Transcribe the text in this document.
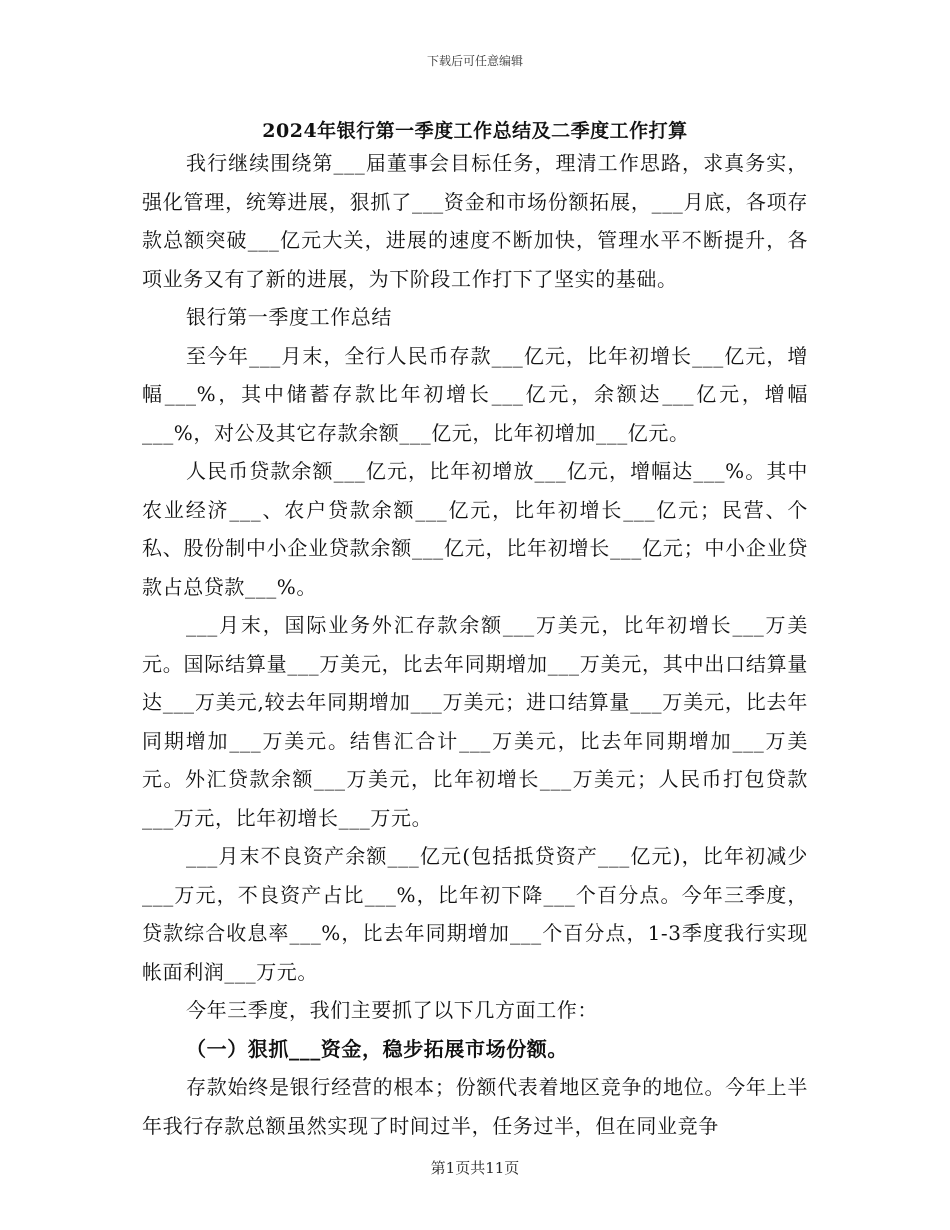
下载后可任意编辑
2024年银行第一季度工作总结及二季度工作打算

我行继续围绕第___届董事会目标任务，理清工作思路，求真务实，强化管理，统筹进展，狠抓了___资金和市场份额拓展，___月底，各项存款总额突破___亿元大关，进展的速度不断加快，管理水平不断提升，各项业务又有了新的进展，为下阶段工作打下了坚实的基础。

银行第一季度工作总结

至今年___月末，全行人民币存款___亿元，比年初增长___亿元，增幅___%，其中储蓄存款比年初增长___亿元，余额达___亿元，增幅___%，对公及其它存款余额___亿元，比年初增加___亿元。

人民币贷款余额___亿元，比年初增放___亿元，增幅达___%。其中农业经济___、农户贷款余额___亿元，比年初增长___亿元；民营、个私、股份制中小企业贷款余额___亿元，比年初增长___亿元；中小企业贷款占总贷款___%。

___月末，国际业务外汇存款余额___万美元，比年初增长___万美元。国际结算量___万美元，比去年同期增加___万美元，其中出口结算量达___万美元,较去年同期增加___万美元；进口结算量___万美元，比去年同期增加___万美元。结售汇合计___万美元，比去年同期增加___万美元。外汇贷款余额___万美元，比年初增长___万美元；人民币打包贷款___万元，比年初增长___万元。

___月末不良资产余额___亿元(包括抵贷资产___亿元)，比年初减少___万元，不良资产占比___%，比年初下降___个百分点。今年三季度，贷款综合收息率___%，比去年同期增加___个百分点，1-3季度我行实现帐面利润___万元。

今年三季度，我们主要抓了以下几方面工作：

（一）狠抓___资金，稳步拓展市场份额。

存款始终是银行经营的根本；份额代表着地区竞争的地位。今年上半年我行存款总额虽然实现了时间过半，任务过半，但在同业竞争

第1页共11页
